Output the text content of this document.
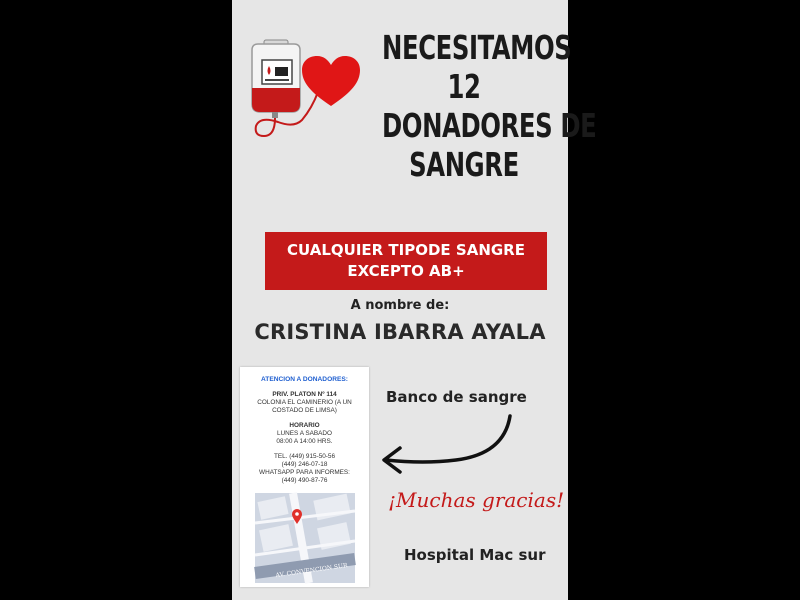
NECESITAMOS
12
DONADORES DE
SANGRE
CUALQUIER TIPODE SANGRE
EXCEPTO AB+
A nombre de:
CRISTINA IBARRA AYALA
ATENCION A DONADORES:
PRIV. PLATON Nº 114
COLONIA EL CAMINERIO (A UN
COSTADO DE LIMSA)
HORARIO
LUNES A SABADO
08:00 A 14:00 HRS.
TEL. (449) 915-50-56
(449) 246-07-18
WHATSAPP PARA INFORMES:
(449) 490-87-76
AV. CONVENCION SUR
Banco de sangre
¡Muchas gracias!
Hospital Mac sur
